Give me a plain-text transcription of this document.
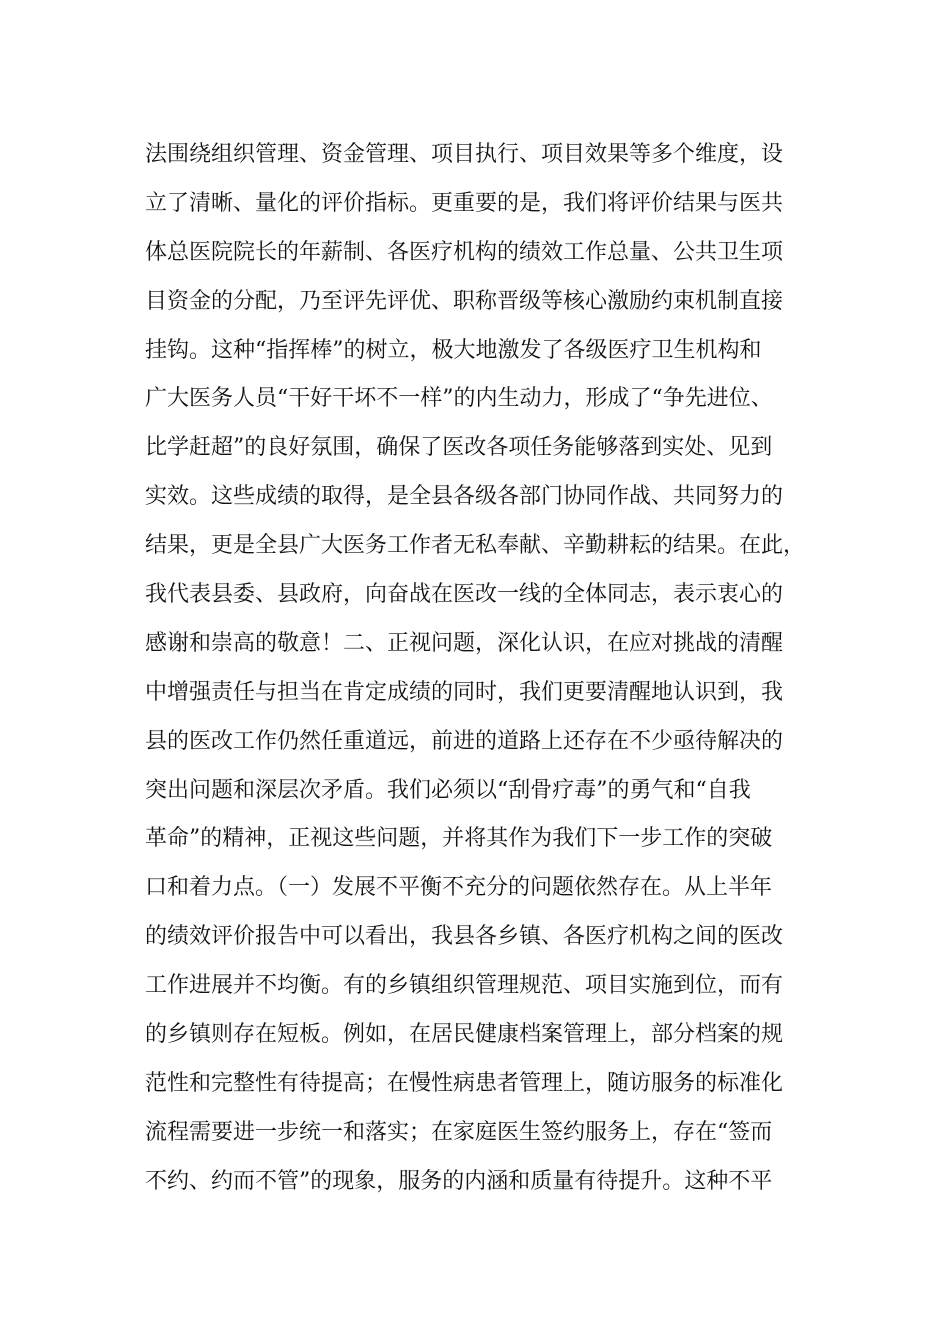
法围绕组织管理、资金管理、项目执行、项目效果等多个维度，设
立了清晰、量化的评价指标。更重要的是，我们将评价结果与医共
体总医院院长的年薪制、各医疗机构的绩效工作总量、公共卫生项
目资金的分配，乃至评先评优、职称晋级等核心激励约束机制直接
挂钩。这种“指挥棒”的树立，极大地激发了各级医疗卫生机构和
广大医务人员“干好干坏不一样”的内生动力，形成了“争先进位、
比学赶超”的良好氛围，确保了医改各项任务能够落到实处、见到
实效。这些成绩的取得，是全县各级各部门协同作战、共同努力的
结果，更是全县广大医务工作者无私奉献、辛勤耕耘的结果。在此，
我代表县委、县政府，向奋战在医改一线的全体同志，表示衷心的
感谢和崇高的敬意！二、正视问题，深化认识，在应对挑战的清醒
中增强责任与担当在肯定成绩的同时，我们更要清醒地认识到，我
县的医改工作仍然任重道远，前进的道路上还存在不少亟待解决的
突出问题和深层次矛盾。我们必须以“刮骨疗毒”的勇气和“自我
革命”的精神，正视这些问题，并将其作为我们下一步工作的突破
口和着力点。（一）发展不平衡不充分的问题依然存在。从上半年
的绩效评价报告中可以看出，我县各乡镇、各医疗机构之间的医改
工作进展并不均衡。有的乡镇组织管理规范、项目实施到位，而有
的乡镇则存在短板。例如，在居民健康档案管理上，部分档案的规
范性和完整性有待提高；在慢性病患者管理上，随访服务的标准化
流程需要进一步统一和落实；在家庭医生签约服务上，存在“签而
不约、约而不管”的现象，服务的内涵和质量有待提升。这种不平
